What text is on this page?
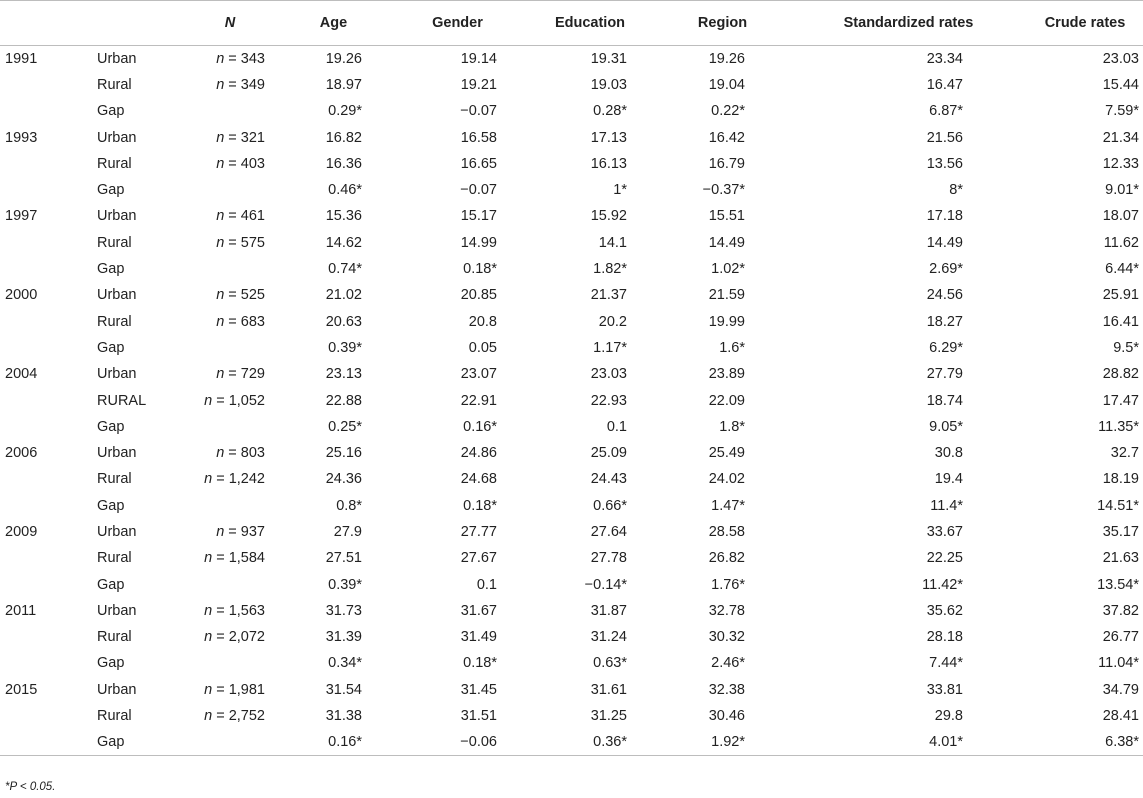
		N	Age	Gender	Education	Region	Standardized rates	Crude rates
1991	Urban	n = 343	19.26	19.14	19.31	19.26	23.34	23.03
	Rural	n = 349	18.97	19.21	19.03	19.04	16.47	15.44
	Gap		0.29*	−0.07	0.28*	0.22*	6.87*	7.59*
1993	Urban	n = 321	16.82	16.58	17.13	16.42	21.56	21.34
	Rural	n = 403	16.36	16.65	16.13	16.79	13.56	12.33
	Gap		0.46*	−0.07	1*	−0.37*	8*	9.01*
1997	Urban	n = 461	15.36	15.17	15.92	15.51	17.18	18.07
	Rural	n = 575	14.62	14.99	14.1	14.49	14.49	11.62
	Gap		0.74*	0.18*	1.82*	1.02*	2.69*	6.44*
2000	Urban	n = 525	21.02	20.85	21.37	21.59	24.56	25.91
	Rural	n = 683	20.63	20.8	20.2	19.99	18.27	16.41
	Gap		0.39*	0.05	1.17*	1.6*	6.29*	9.5*
2004	Urban	n = 729	23.13	23.07	23.03	23.89	27.79	28.82
	RURAL	n = 1,052	22.88	22.91	22.93	22.09	18.74	17.47
	Gap		0.25*	0.16*	0.1	1.8*	9.05*	11.35*
2006	Urban	n = 803	25.16	24.86	25.09	25.49	30.8	32.7
	Rural	n = 1,242	24.36	24.68	24.43	24.02	19.4	18.19
	Gap		0.8*	0.18*	0.66*	1.47*	11.4*	14.51*
2009	Urban	n = 937	27.9	27.77	27.64	28.58	33.67	35.17
	Rural	n = 1,584	27.51	27.67	27.78	26.82	22.25	21.63
	Gap		0.39*	0.1	−0.14*	1.76*	11.42*	13.54*
2011	Urban	n = 1,563	31.73	31.67	31.87	32.78	35.62	37.82
	Rural	n = 2,072	31.39	31.49	31.24	30.32	28.18	26.77
	Gap		0.34*	0.18*	0.63*	2.46*	7.44*	11.04*
2015	Urban	n = 1,981	31.54	31.45	31.61	32.38	33.81	34.79
	Rural	n = 2,752	31.38	31.51	31.25	30.46	29.8	28.41
	Gap		0.16*	−0.06	0.36*	1.92*	4.01*	6.38*
*P < 0.05.
